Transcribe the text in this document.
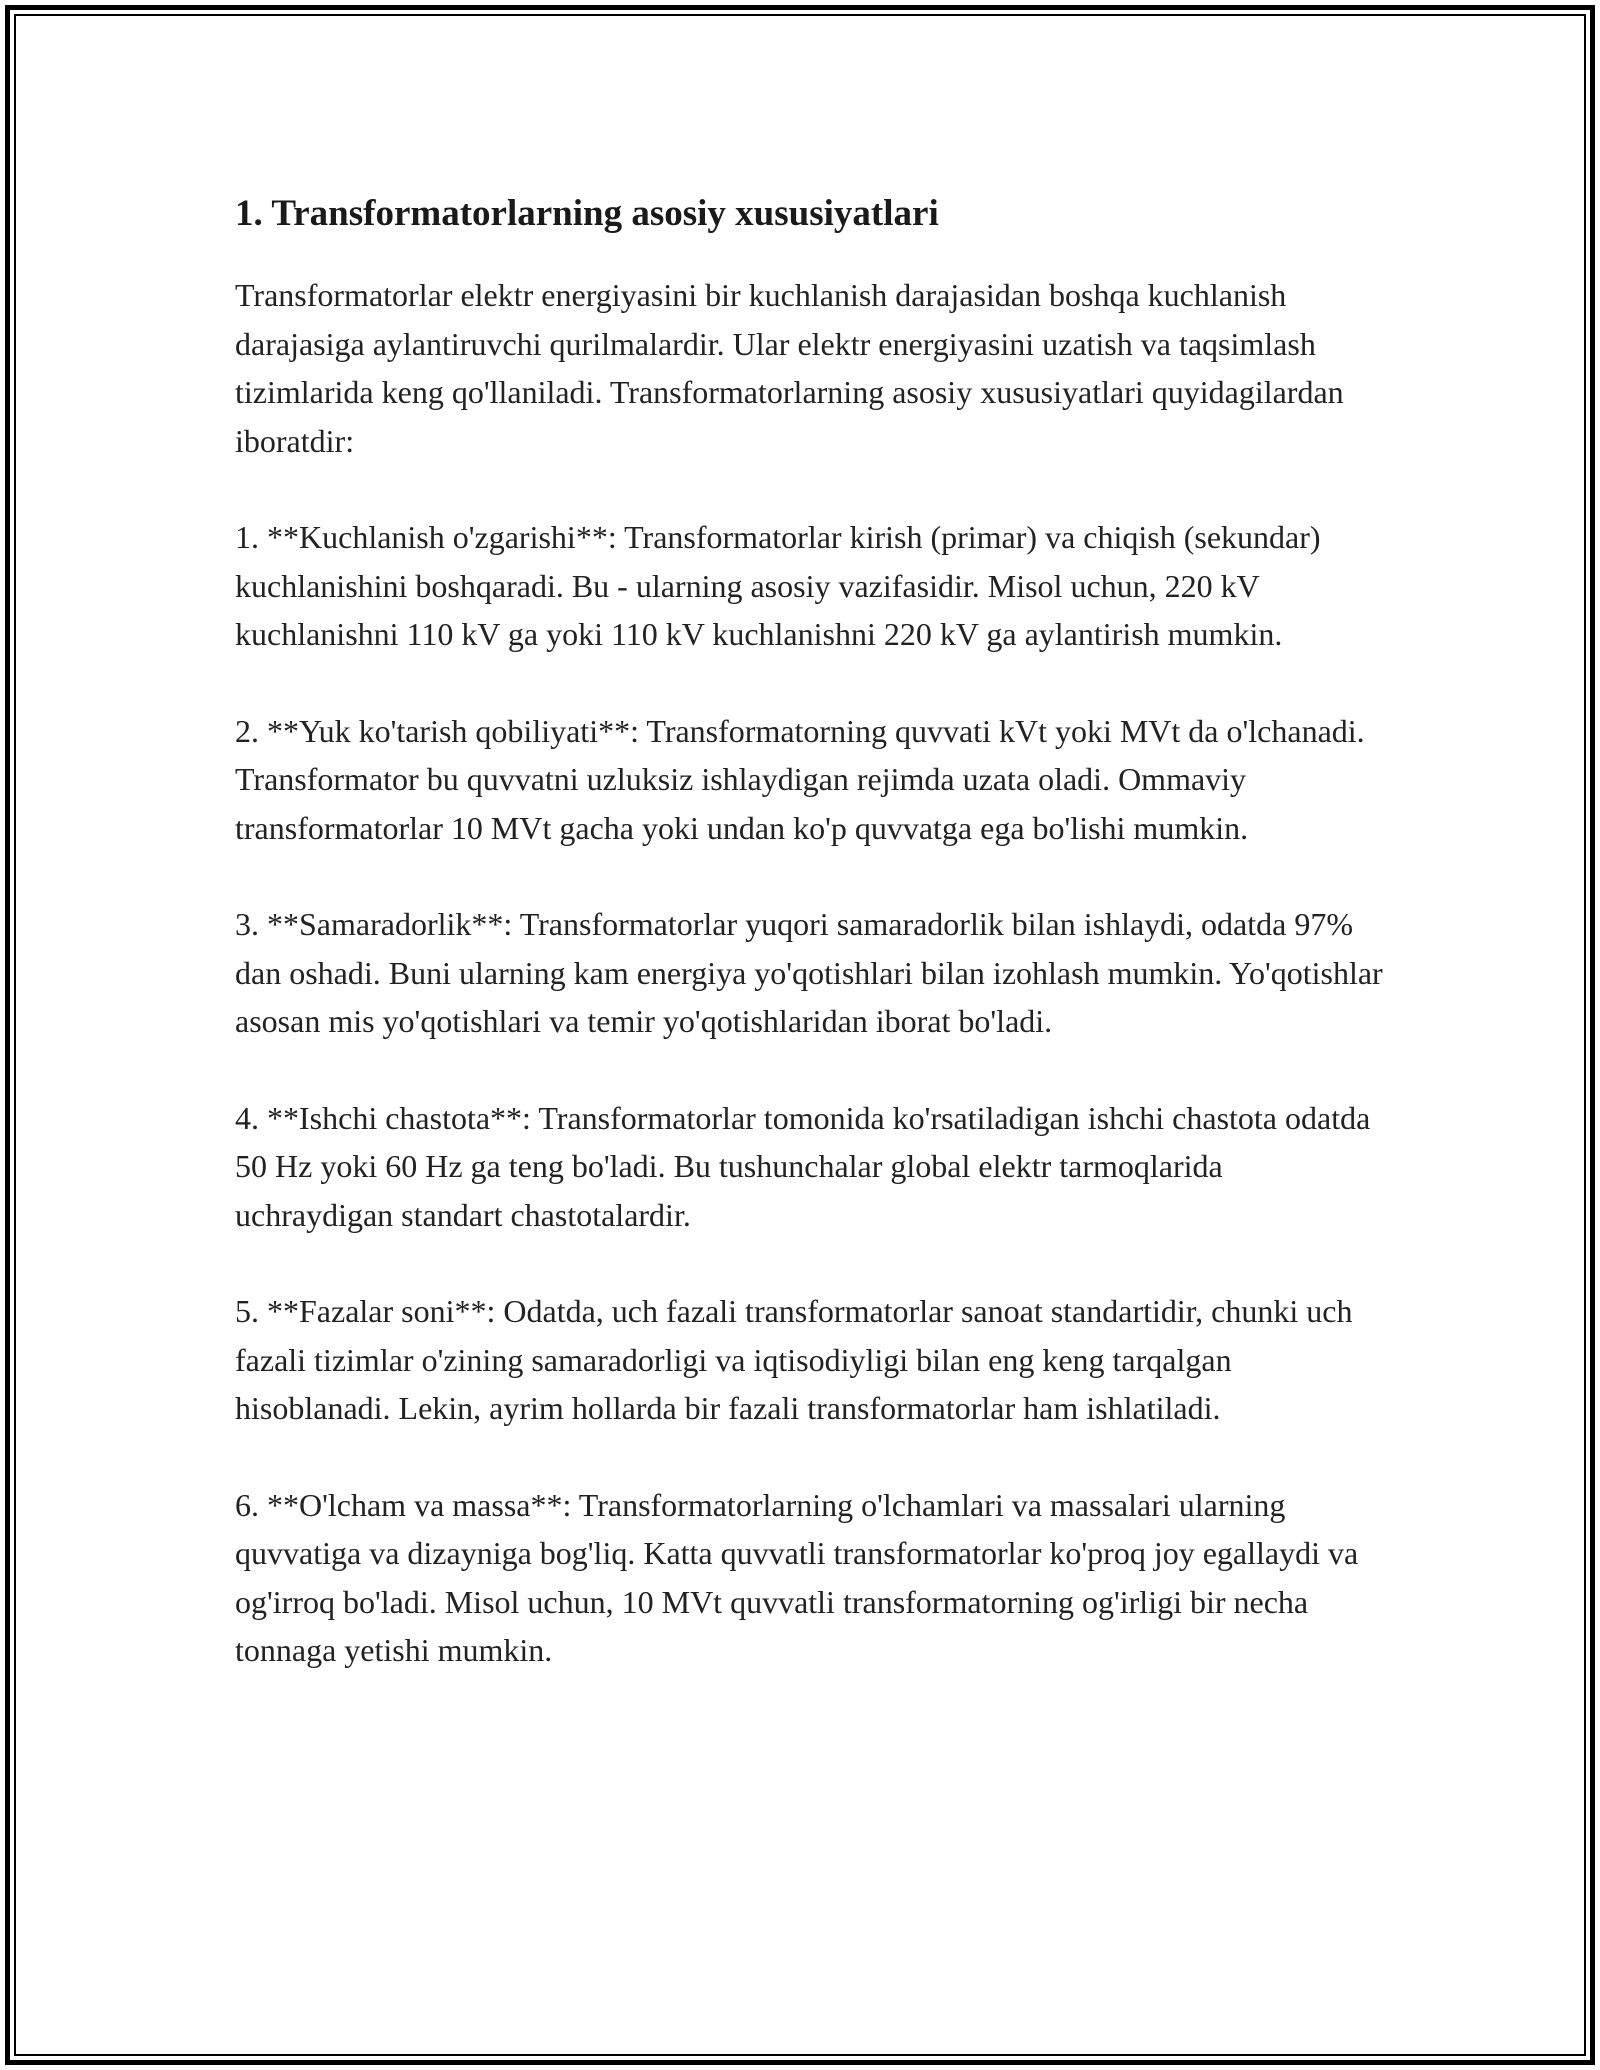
1. Transformatorlarning asosiy xususiyatlari

Transformatorlar elektr energiyasini bir kuchlanish darajasidan boshqa kuchlanish darajasiga aylantiruvchi qurilmalardir. Ular elektr energiyasini uzatish va taqsimlash tizimlarida keng qo'llaniladi. Transformatorlarning asosiy xususiyatlari quyidagilardan iboratdir:

1. **Kuchlanish o'zgarishi**: Transformatorlar kirish (primar) va chiqish (sekundar) kuchlanishini boshqaradi. Bu - ularning asosiy vazifasidir. Misol uchun, 220 kV kuchlanishni 110 kV ga yoki 110 kV kuchlanishni 220 kV ga aylantirish mumkin.

2. **Yuk ko'tarish qobiliyati**: Transformatorning quvvati kVt yoki MVt da o'lchanadi. Transformator bu quvvatni uzluksiz ishlaydigan rejimda uzata oladi. Ommaviy transformatorlar 10 MVt gacha yoki undan ko'p quvvatga ega bo'lishi mumkin.

3. **Samaradorlik**: Transformatorlar yuqori samaradorlik bilan ishlaydi, odatda 97% dan oshadi. Buni ularning kam energiya yo'qotishlari bilan izohlash mumkin. Yo'qotishlar asosan mis yo'qotishlari va temir yo'qotishlaridan iborat bo'ladi.

4. **Ishchi chastota**: Transformatorlar tomonida ko'rsatiladigan ishchi chastota odatda 50 Hz yoki 60 Hz ga teng bo'ladi. Bu tushunchalar global elektr tarmoqlarida uchraydigan standart chastotalardir.

5. **Fazalar soni**: Odatda, uch fazali transformatorlar sanoat standartidir, chunki uch fazali tizimlar o'zining samaradorligi va iqtisodiyligi bilan eng keng tarqalgan hisoblanadi. Lekin, ayrim hollarda bir fazali transformatorlar ham ishlatiladi.

6. **O'lcham va massa**: Transformatorlarning o'lchamlari va massalari ularning quvvatiga va dizayniga bog'liq. Katta quvvatli transformatorlar ko'proq joy egallaydi va og'irroq bo'ladi. Misol uchun, 10 MVt quvvatli transformatorning og'irligi bir necha tonnaga yetishi mumkin.
